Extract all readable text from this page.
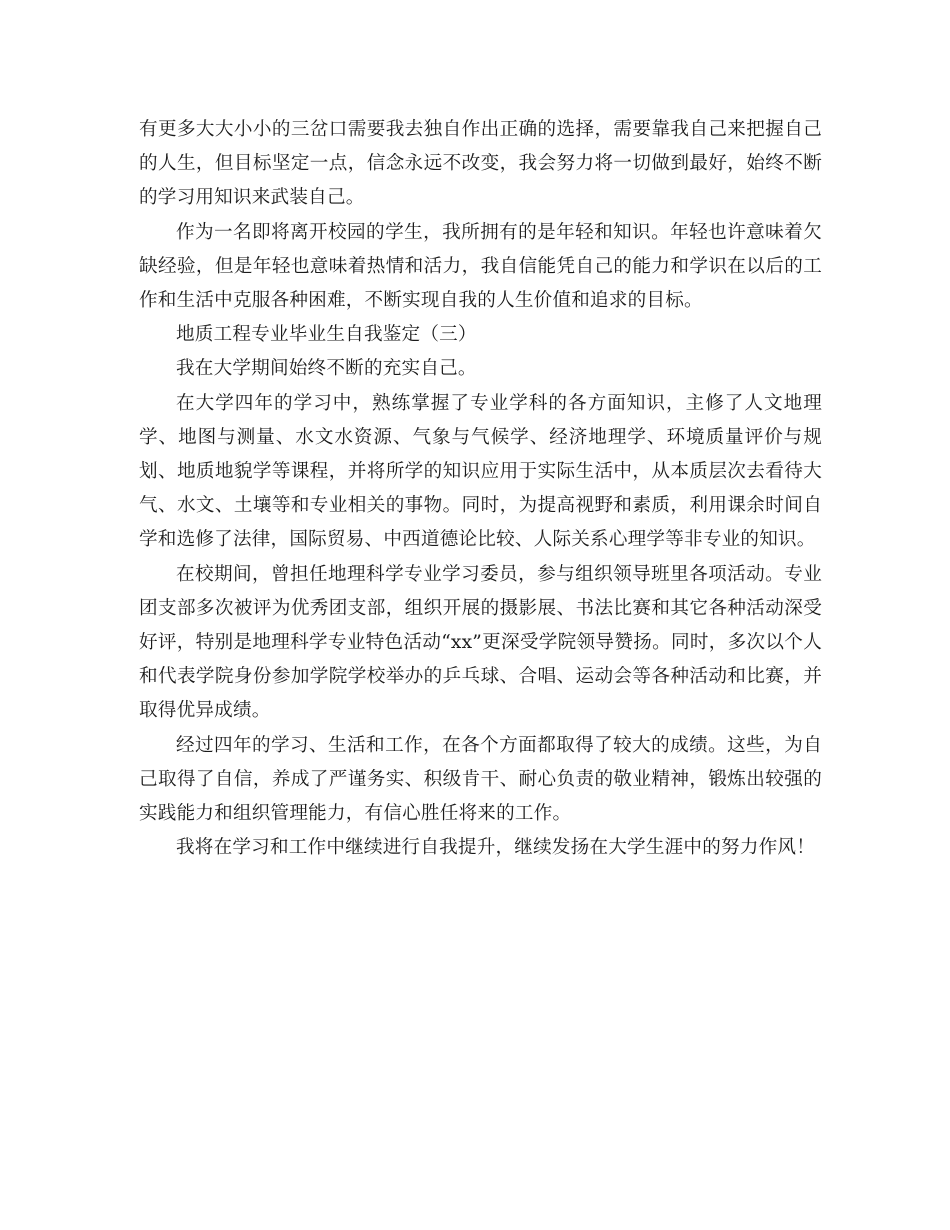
有更多大大小小的三岔口需要我去独自作出正确的选择，需要靠我自己来把握自己的人生，但目标坚定一点，信念永远不改变，我会努力将一切做到最好，始终不断的学习用知识来武装自己。

作为一名即将离开校园的学生，我所拥有的是年轻和知识。年轻也许意味着欠缺经验，但是年轻也意味着热情和活力，我自信能凭自己的能力和学识在以后的工作和生活中克服各种困难，不断实现自我的人生价值和追求的目标。

地质工程专业毕业生自我鉴定（三）

我在大学期间始终不断的充实自己。

在大学四年的学习中，熟练掌握了专业学科的各方面知识，主修了人文地理学、地图与测量、水文水资源、气象与气候学、经济地理学、环境质量评价与规划、地质地貌学等课程，并将所学的知识应用于实际生活中，从本质层次去看待大气、水文、土壤等和专业相关的事物。同时，为提高视野和素质，利用课余时间自学和选修了法律，国际贸易、中西道德论比较、人际关系心理学等非专业的知识。

在校期间，曾担任地理科学专业学习委员，参与组织领导班里各项活动。专业团支部多次被评为优秀团支部，组织开展的摄影展、书法比赛和其它各种活动深受好评，特别是地理科学专业特色活动“xx”更深受学院领导赞扬。同时，多次以个人和代表学院身份参加学院学校举办的乒乓球、合唱、运动会等各种活动和比赛，并取得优异成绩。

经过四年的学习、生活和工作，在各个方面都取得了较大的成绩。这些，为自己取得了自信，养成了严谨务实、积级肯干、耐心负责的敬业精神，锻炼出较强的实践能力和组织管理能力，有信心胜任将来的工作。

我将在学习和工作中继续进行自我提升，继续发扬在大学生涯中的努力作风！
